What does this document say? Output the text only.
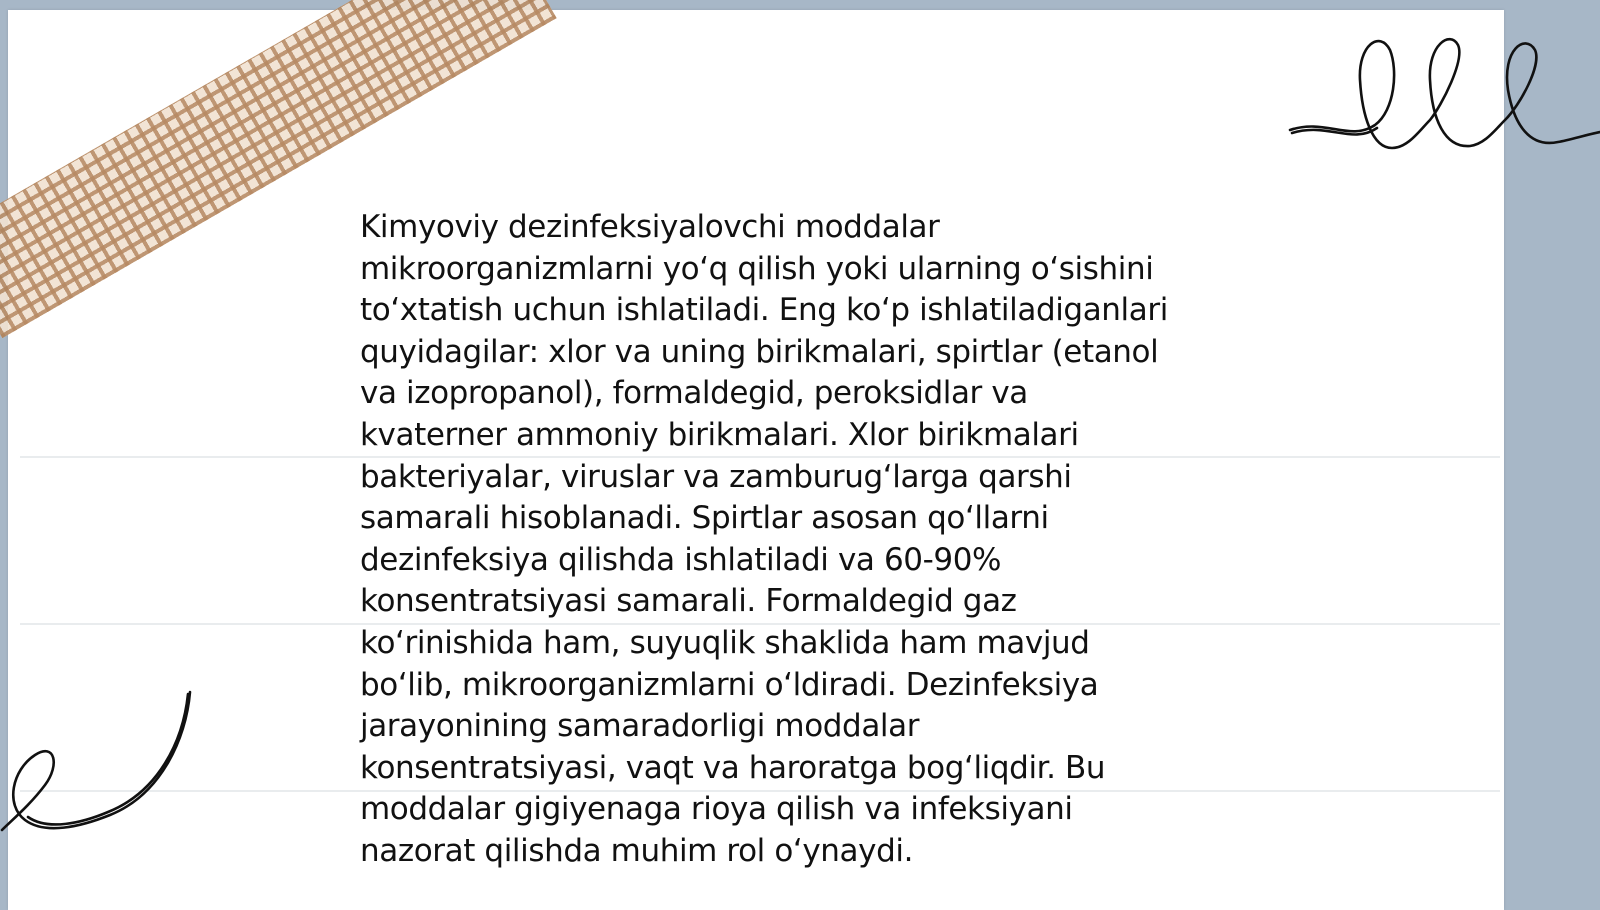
Kimyoviy dezinfeksiyalovchi moddalar
mikroorganizmlarni yoʻq qilish yoki ularning oʻsishini
toʻxtatish uchun ishlatiladi. Eng koʻp ishlatiladiganlari
quyidagilar: xlor va uning birikmalari, spirtlar (etanol
va izopropanol), formaldegid, peroksidlar va
kvaterner ammoniy birikmalari. Xlor birikmalari
bakteriyalar, viruslar va zamburugʻlarga qarshi
samarali hisoblanadi. Spirtlar asosan qoʻllarni
dezinfeksiya qilishda ishlatiladi va 60-90%
konsentratsiyasi samarali. Formaldegid gaz
koʻrinishida ham, suyuqlik shaklida ham mavjud
boʻlib, mikroorganizmlarni oʻldiradi. Dezinfeksiya
jarayonining samaradorligi moddalar
konsentratsiyasi, vaqt va haroratga bogʻliqdir. Bu
moddalar gigiyenaga rioya qilish va infeksiyani
nazorat qilishda muhim rol oʻynaydi.
